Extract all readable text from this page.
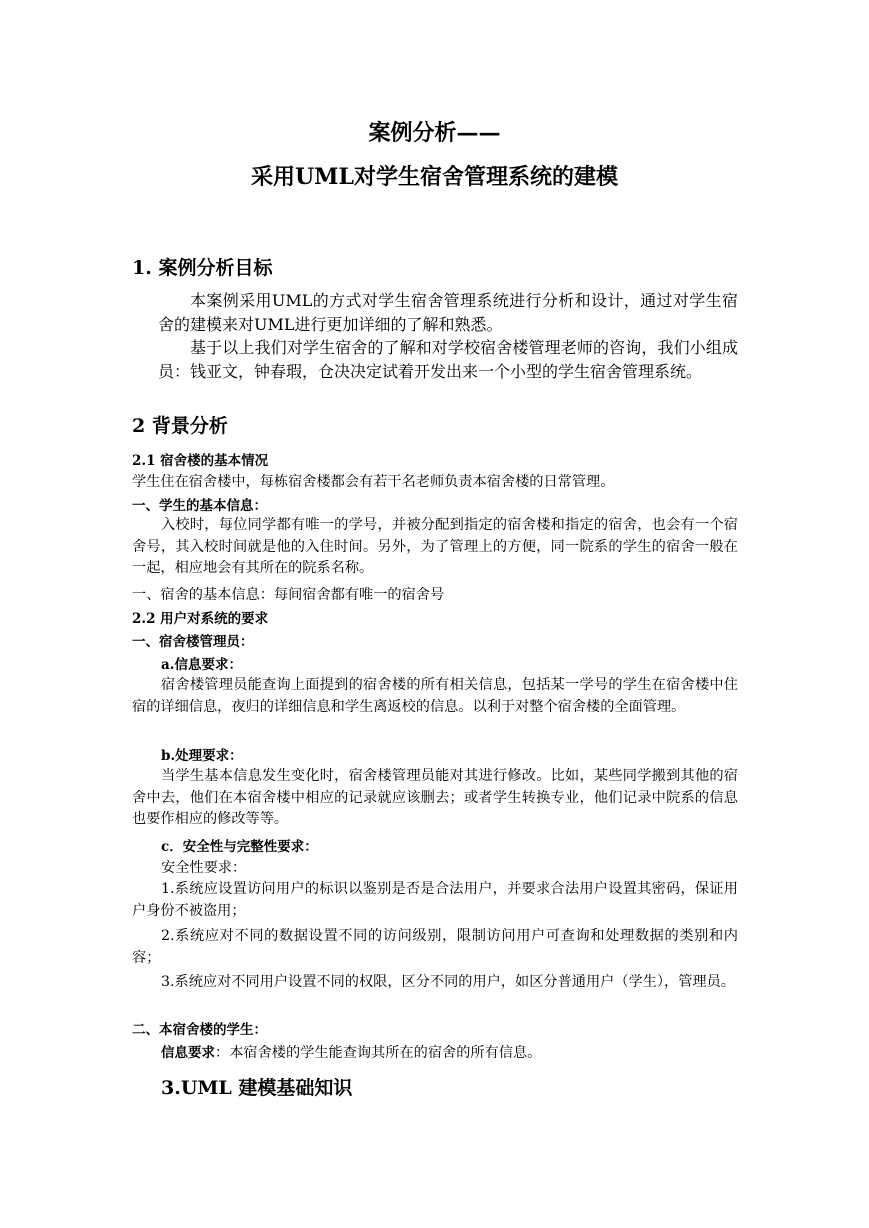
案例分析——
采用UML对学生宿舍管理系统的建模
1. 案例分析目标
本案例采用UML的方式对学生宿舍管理系统进行分析和设计，通过对学生宿舍的建模来对UML进行更加详细的了解和熟悉。
基于以上我们对学生宿舍的了解和对学校宿舍楼管理老师的咨询，我们小组成员：钱亚文，钟春瑕，仓决决定试着开发出来一个小型的学生宿舍管理系统。
2 背景分析
2.1 宿舍楼的基本情况
学生住在宿舍楼中，每栋宿舍楼都会有若干名老师负责本宿舍楼的日常管理。
一、学生的基本信息：
入校时，每位同学都有唯一的学号，并被分配到指定的宿舍楼和指定的宿舍，也会有一个宿舍号，其入校时间就是他的入住时间。另外，为了管理上的方便，同一院系的学生的宿舍一般在一起，相应地会有其所在的院系名称。
一、宿舍的基本信息：每间宿舍都有唯一的宿舍号
2.2 用户对系统的要求
一、宿舍楼管理员：
a.信息要求：
宿舍楼管理员能查询上面提到的宿舍楼的所有相关信息，包括某一学号的学生在宿舍楼中住宿的详细信息，夜归的详细信息和学生离返校的信息。以利于对整个宿舍楼的全面管理。
b.处理要求：
当学生基本信息发生变化时，宿舍楼管理员能对其进行修改。比如，某些同学搬到其他的宿舍中去，他们在本宿舍楼中相应的记录就应该删去；或者学生转换专业，他们记录中院系的信息也要作相应的修改等等。
c．安全性与完整性要求：
安全性要求：
1.系统应设置访问用户的标识以鉴别是否是合法用户，并要求合法用户设置其密码，保证用户身份不被盗用；
2.系统应对不同的数据设置不同的访问级别，限制访问用户可查询和处理数据的类别和内容；
3.系统应对不同用户设置不同的权限，区分不同的用户，如区分普通用户（学生），管理员。
二、本宿舍楼的学生：
信息要求：本宿舍楼的学生能查询其所在的宿舍的所有信息。
3.UML 建模基础知识
